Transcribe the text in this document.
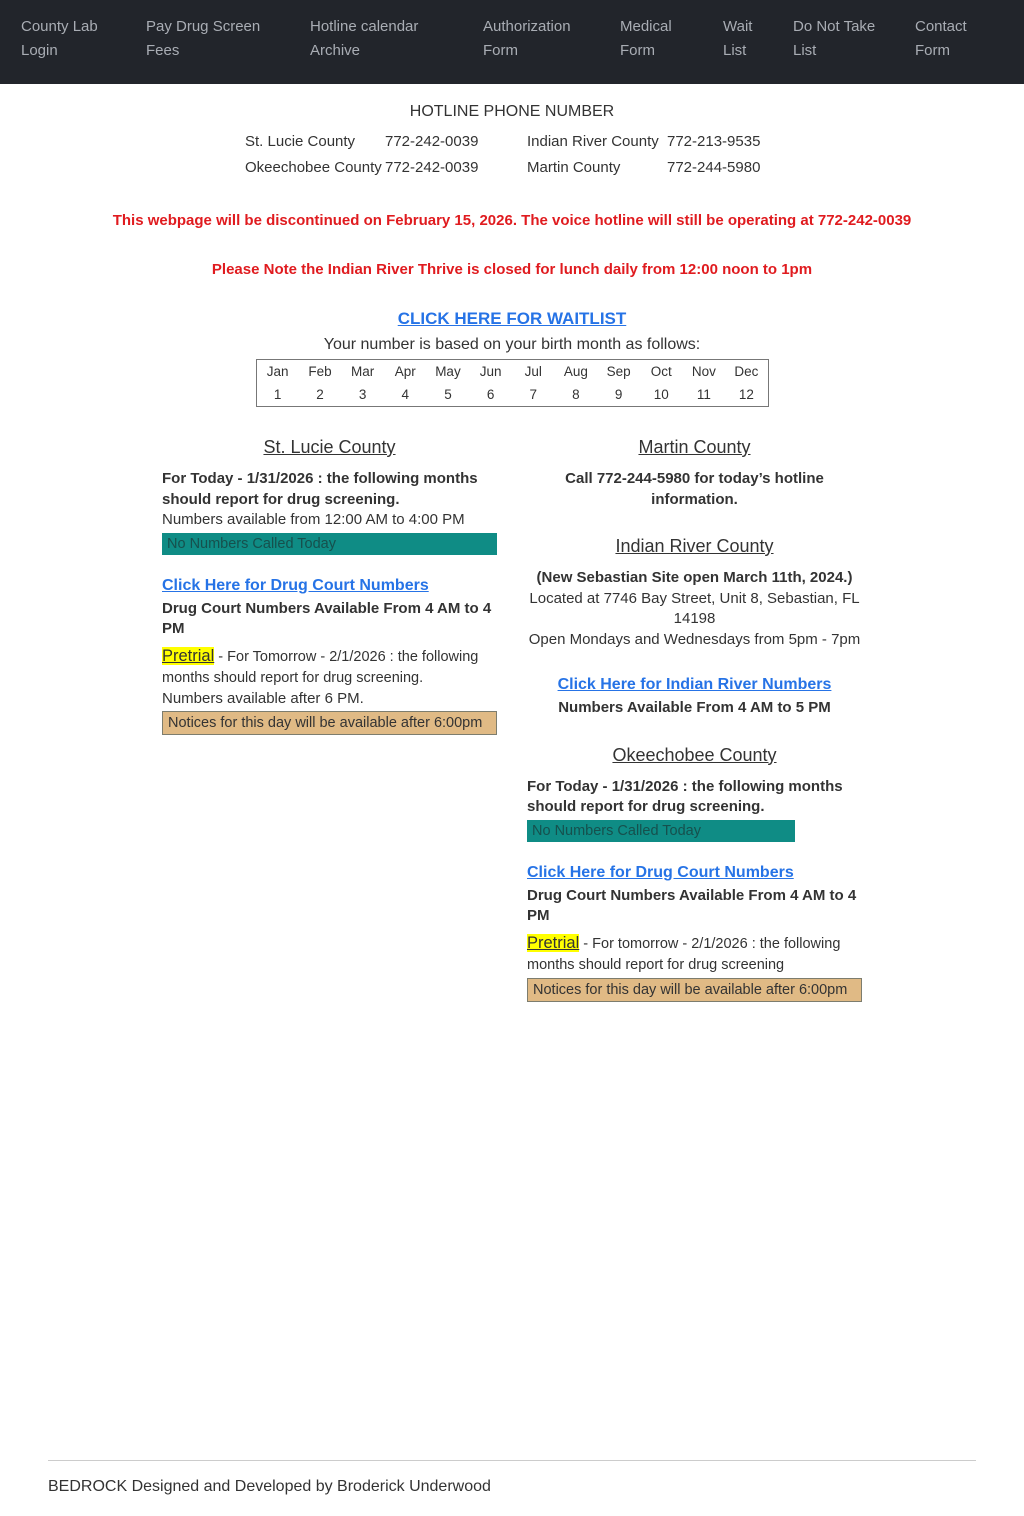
County Lab Login
Pay Drug Screen Fees
Hotline calendar Archive
Authorization Form
Medical Form
Wait List
Do Not Take List
Contact Form
HOTLINE PHONE NUMBER
St. Lucie County	772-242-0039	Indian River County	772-213-9535
Okeechobee County	772-242-0039	Martin County	772-244-5980
This webpage will be discontinued on February 15, 2026. The voice hotline will still be operating at 772-242-0039
Please Note the Indian River Thrive is closed for lunch daily from 12:00 noon to 1pm
CLICK HERE FOR WAITLIST
Your number is based on your birth month as follows:
Jan	Feb	Mar	Apr	May	Jun	Jul	Aug	Sep	Oct	Nov	Dec
1	2	3	4	5	6	7	8	9	10	11	12
St. Lucie County

For Today - 1/31/2026 : the following months should report for drug screening.

Numbers available from 12:00 AM to 4:00 PM

No Numbers Called Today
Click Here for Drug Court Numbers

Drug Court Numbers Available From 4 AM to 4 PM

Pretrial - For Tomorrow - 2/1/2026 : the following months should report for drug screening.

Numbers available after 6 PM.

Notices for this day will be available after 6:00pm
Martin County

Call 772-244-5980 for today’s hotline information.

Indian River County

(New Sebastian Site open March 11th, 2024.)

Located at 7746 Bay Street, Unit 8, Sebastian, FL 14198

Open Mondays and Wednesdays from 5pm - 7pm

Click Here for Indian River Numbers

Numbers Available From 4 AM to 5 PM

Okeechobee County

For Today - 1/31/2026 : the following months should report for drug screening.

No Numbers Called Today
Click Here for Drug Court Numbers

Drug Court Numbers Available From 4 AM to 4 PM

Pretrial - For tomorrow - 2/1/2026 : the following months should report for drug screening

Notices for this day will be available after 6:00pm
BEDROCK Designed and Developed by Broderick Underwood
